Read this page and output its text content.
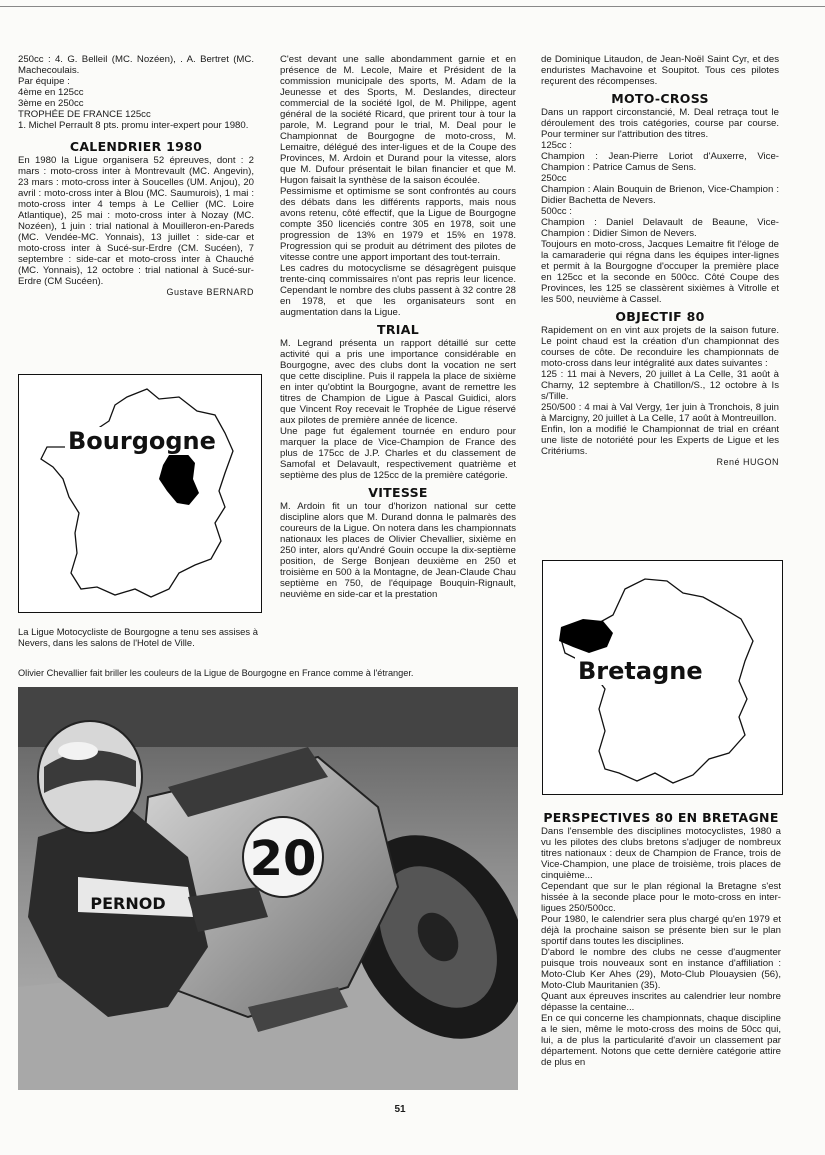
250cc : 4. G. Belleil (MC. Nozéen), . A. Bertret (MC. Machecoulais.

Par équipe :

4ème en 125cc

3ème en 250cc

TROPHÉE DE FRANCE 125cc

1. Michel Perrault 8 pts. promu inter-expert pour 1980.

CALENDRIER 1980

En 1980 la Ligue organisera 52 épreuves, dont : 2 mars : moto-cross inter à Montrevault (MC. Angevin), 23 mars : moto-cross inter à Soucelles (UM. Anjou), 20 avril : moto-cross inter à Blou (MC. Saumurois), 1 mai : moto-cross inter 4 temps à Le Cellier (MC. Loire Atlantique), 25 mai : moto-cross inter à Nozay (MC. Nozéen), 1 juin : trial national à Mouilleron-en-Pareds (MC. Vendée-MC. Yonnais), 13 juillet : side-car et moto-cross inter à Sucé-sur-Erdre (CM. Sucéen), 7 septembre : side-car et moto-cross inter à Chauché (MC. Yonnais), 12 octobre : trial national à Sucé-sur-Erdre (CM Sucéen).

Gustave BERNARD

C'est devant une salle abondamment garnie et en présence de M. Lecole, Maire et Président de la commission municipale des sports, M. Adam de la Jeunesse et des Sports, M. Deslandes, directeur commercial de la société Igol, de M. Philippe, agent général de la société Ricard, que prirent tour à tour la parole, M. Legrand pour le trial, M. Deal pour le Championnat de Bourgogne de moto-cross, M. Lemaitre, délégué des inter-ligues et de la Coupe des Provinces, M. Ardoin et Durand pour la vitesse, alors que M. Dufour présentait le bilan financier et que M. Hugon faisait la synthèse de la saison écoulée.

Pessimisme et optimisme se sont confrontés au cours des débats dans les différents rapports, mais nous avons retenu, côté effectif, que la Ligue de Bourgogne compte 350 licenciés contre 305 en 1978, soit une progression de 13% en 1979 et 15% en 1978. Progression qui se produit au détriment des pilotes de vitesse contre une apport important des tout-terrain.

Les cadres du motocyclisme se désagrègent puisque trente-cinq commissaires n'ont pas repris leur licence. Cependant le nombre des clubs passent à 32 contre 28 en 1978, et que les organisateurs sont en augmentation dans la Ligue.

TRIAL

M. Legrand présenta un rapport détaillé sur cette activité qui a pris une importance considérable en Bourgogne, avec des clubs dont la vocation ne sert que cette discipline. Puis il rappela la place de sixième en inter qu'obtint la Bourgogne, avant de remettre les titres de Champion de Ligue à Pascal Guidici, alors que Vincent Roy recevait le Trophée de Ligue réservé aux pilotes de première année de licence.

Une page fut également tournée en enduro pour marquer la place de Vice-Champion de France des plus de 175cc de J.P. Charles et du classement de Samofal et Delavault, respectivement quatrième et septième des plus de 125cc de la première catégorie.

VITESSE

M. Ardoin fit un tour d'horizon national sur cette discipline alors que M. Durand donna le palmarès des coureurs de la Ligue. On notera dans les championnats nationaux les places de Olivier Chevallier, sixième en 250 inter, alors qu'André Gouin occupe la dix-septième position, de Serge Bonjean deuxième en 250 et troisième en 500 à la Montagne, de Jean-Claude Chau septième en 750, de l'équipage Bouquin-Rignault, neuvième en side-car et la prestation

de Dominique Litaudon, de Jean-Noël Saint Cyr, et des enduristes Machavoine et Soupitot. Tous ces pilotes reçurent des récompenses.

MOTO-CROSS

Dans un rapport circonstancié, M. Deal retraça tout le déroulement des trois catégories, course par course. Pour terminer sur l'attribution des titres.

125cc :

Champion : Jean-Pierre Loriot d'Auxerre, Vice-Champion : Patrice Camus de Sens.

250cc

Champion : Alain Bouquin de Brienon, Vice-Champion : Didier Bachetta de Nevers.

500cc :

Champion : Daniel Delavault de Beaune, Vice-Champion : Didier Simon de Nevers.

Toujours en moto-cross, Jacques Lemaitre fit l'éloge de la camaraderie qui régna dans les équipes inter-lignes et permit à la Bourgogne d'occuper la première place en 125cc et la seconde en 500cc. Côté Coupe des Provinces, les 125 se classèrent sixièmes à Vitrolle et les 500, neuvième à Cassel.

OBJECTIF 80

Rapidement on en vint aux projets de la saison future. Le point chaud est la création d'un championnat des courses de côte. De reconduire les championnats de moto-cross dans leur intégralité aux dates suivantes :

125 : 11 mai à Nevers, 20 juillet à La Celle, 31 août à Charny, 12 septembre à Chatillon/S., 12 octobre à Is s/Tille.

250/500 : 4 mai à Val Vergy, 1er juin à Tronchois, 8 juin à Marcigny, 20 juillet à La Celle, 17 août à Montreuillon.

Enfin, lon a modifié le Championnat de trial en créant une liste de notoriété pour les Experts de Ligue et les Critériums.

René HUGON

Bourgogne
La Ligue Motocycliste de Bourgogne a tenu ses assises à Nevers, dans les salons de l'Hotel de Ville.
Olivier Chevallier fait briller les couleurs de la Ligue de Bourgogne en France comme à l'étranger.
20
PERNOD
Bretagne
PERSPECTIVES 80 EN BRETAGNE

Dans l'ensemble des disciplines motocyclistes, 1980 a vu les pilotes des clubs bretons s'adjuger de nombreux titres nationaux : deux de Champion de France, trois de Vice-Champion, une place de troisième, trois places de cinquième...

Cependant que sur le plan régional la Bretagne s'est hissée à la seconde place pour le moto-cross en inter-ligues 250/500cc.

Pour 1980, le calendrier sera plus chargé qu'en 1979 et déjà la prochaine saison se présente bien sur le plan sportif dans toutes les disciplines.

D'abord le nombre des clubs ne cesse d'augmenter puisque trois nouveaux sont en instance d'affiliation : Moto-Club Ker Ahes (29), Moto-Club Plouaysien (56), Moto-Club Mauritanien (35).

Quant aux épreuves inscrites au calendrier leur nombre dépasse la centaine...

En ce qui concerne les championnats, chaque discipline a le sien, même le moto-cross des moins de 50cc qui, lui, a de plus la particularité d'avoir un classement par département. Notons que cette dernière catégorie attire de plus en

51
